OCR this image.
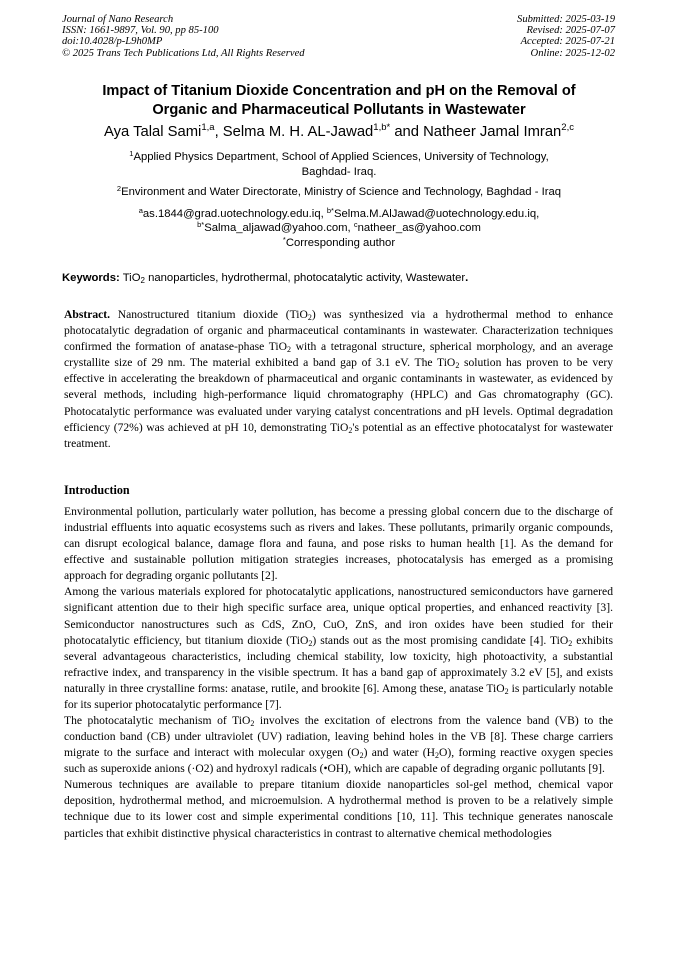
Journal of Nano Research
ISSN: 1661-9897, Vol. 90, pp 85-100
doi:10.4028/p-L9h0MP
© 2025 Trans Tech Publications Ltd, All Rights Reserved
Submitted: 2025-03-19
Revised: 2025-07-07
Accepted: 2025-07-21
Online: 2025-12-02
Impact of Titanium Dioxide Concentration and pH on the Removal of
Organic and Pharmaceutical Pollutants in Wastewater
Aya Talal Sami$^{1,a}$, Selma M. H. AL-Jawad$^{1,b*}$ and Natheer Jamal Imran$^{2,c}$
$^1$Applied Physics Department, School of Applied Sciences, University of Technology,
Baghdad- Iraq.
$^2$Environment and Water Directorate, Ministry of Science and Technology, Baghdad - Iraq
$^a$as.1844@grad.uotechnology.edu.iq, $^{b*}$Selma.M.AlJawad@uotechnology.edu.iq,
$^{b*}$Salma_aljawad@yahoo.com, $^c$natheer_as@yahoo.com
*Corresponding author
Keywords: TiO$_2$ nanoparticles, hydrothermal, photocatalytic activity, Wastewater.
Abstract. Nanostructured titanium dioxide (TiO$_2$) was synthesized via a hydrothermal method to enhance photocatalytic degradation of organic and pharmaceutical contaminants in wastewater. Characterization techniques confirmed the formation of anatase-phase TiO$_2$ with a tetragonal structure, spherical morphology, and an average crystallite size of 29 nm. The material exhibited a band gap of 3.1 eV. The TiO$_2$ solution has proven to be very effective in accelerating the breakdown of pharmaceutical and organic contaminants in wastewater, as evidenced by several methods, including high-performance liquid chromatography (HPLC) and Gas chromatography (GC). Photocatalytic performance was evaluated under varying catalyst concentrations and pH levels. Optimal degradation efficiency (72%) was achieved at pH 10, demonstrating TiO$_2$'s potential as an effective photocatalyst for wastewater treatment.
Introduction

Environmental pollution, particularly water pollution, has become a pressing global concern due to the discharge of industrial effluents into aquatic ecosystems such as rivers and lakes. These pollutants, primarily organic compounds, can disrupt ecological balance, damage flora and fauna, and pose risks to human health [1]. As the demand for effective and sustainable pollution mitigation strategies increases, photocatalysis has emerged as a promising approach for degrading organic pollutants [2].

Among the various materials explored for photocatalytic applications, nanostructured semiconductors have garnered significant attention due to their high specific surface area, unique optical properties, and enhanced reactivity [3]. Semiconductor nanostructures such as CdS, ZnO, CuO, ZnS, and iron oxides have been studied for their photocatalytic efficiency, but titanium dioxide (TiO$_2$) stands out as the most promising candidate [4]. TiO$_2$ exhibits several advantageous characteristics, including chemical stability, low toxicity, high photoactivity, a substantial refractive index, and transparency in the visible spectrum. It has a band gap of approximately 3.2 eV [5], and exists naturally in three crystalline forms: anatase, rutile, and brookite [6]. Among these, anatase TiO$_2$ is particularly notable for its superior photocatalytic performance [7].

The photocatalytic mechanism of TiO$_2$ involves the excitation of electrons from the valence band (VB) to the conduction band (CB) under ultraviolet (UV) radiation, leaving behind holes in the VB [8]. These charge carriers migrate to the surface and interact with molecular oxygen $(O_2)$ and water $(H_2O)$, forming reactive oxygen species such as superoxide anions (·O2) and hydroxyl radicals (•OH), which are capable of degrading organic pollutants [9].

Numerous techniques are available to prepare titanium dioxide nanoparticles sol-gel method, chemical vapor deposition, hydrothermal method, and microemulsion. A hydrothermal method is proven to be a relatively simple technique due to its lower cost and simple experimental conditions [10, 11]. This technique generates nanoscale particles that exhibit distinctive physical characteristics in contrast to alternative chemical methodologies
